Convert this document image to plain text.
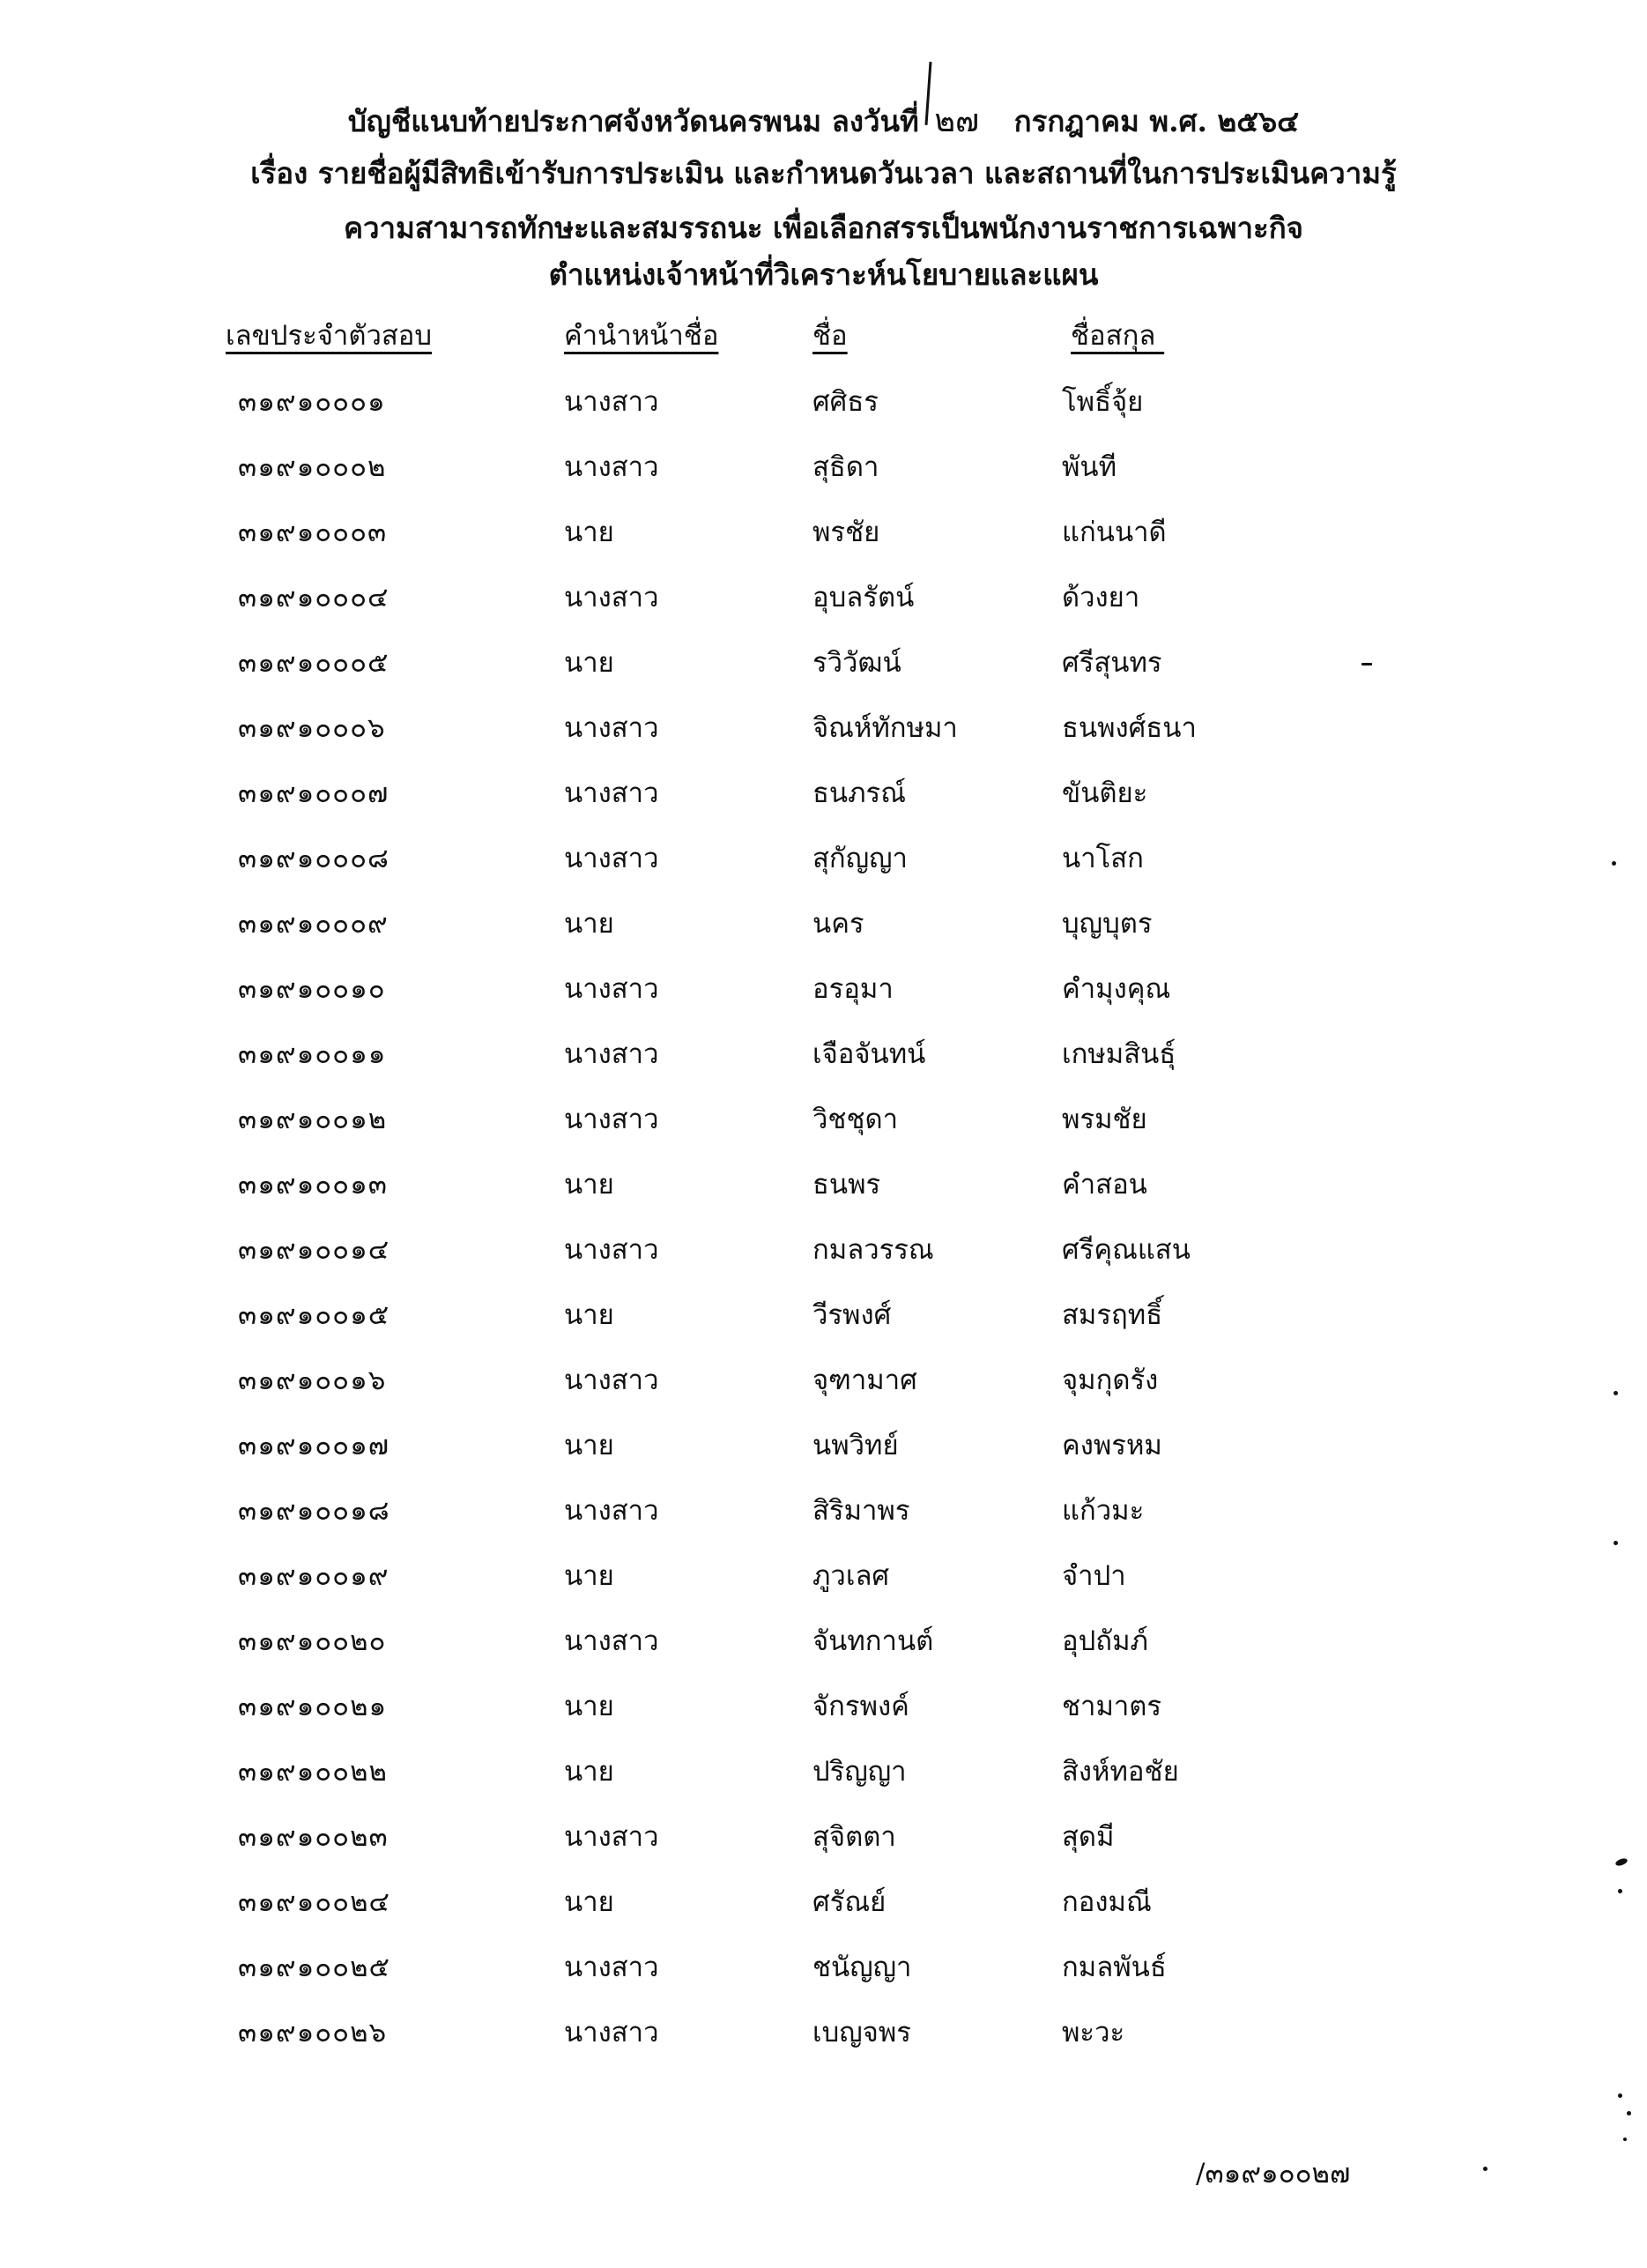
บัญชีแนบท้ายประกาศจังหวัดนครพนม ลงวันที่ ๒๗ กรกฎาคม พ.ศ. ๒๕๖๔
เรื่อง รายชื่อผู้มีสิทธิเข้ารับการประเมิน และกำหนดวันเวลา และสถานที่ในการประเมินความรู้
ความสามารถทักษะและสมรรถนะ เพื่อเลือกสรรเป็นพนักงานราชการเฉพาะกิจ
ตำแหน่งเจ้าหน้าที่วิเคราะห์นโยบายและแผน
เลขประจำตัวสอบ	คำนำหน้าชื่อ	ชื่อ	ชื่อสกุล
๓๑๙๑๐๐๐๑	นางสาว	ศศิธร	โพธิ์จุ้ย
๓๑๙๑๐๐๐๒	นางสาว	สุธิดา	พันที
๓๑๙๑๐๐๐๓	นาย	พรชัย	แก่นนาดี
๓๑๙๑๐๐๐๔	นางสาว	อุบลรัตน์	ด้วงยา
๓๑๙๑๐๐๐๕	นาย	รวิวัฒน์	ศรีสุนทร
๓๑๙๑๐๐๐๖	นางสาว	จิณห์ทักษมา	ธนพงศ์ธนา
๓๑๙๑๐๐๐๗	นางสาว	ธนภรณ์	ขันติยะ
๓๑๙๑๐๐๐๘	นางสาว	สุกัญญา	นาโสก
๓๑๙๑๐๐๐๙	นาย	นคร	บุญบุตร
๓๑๙๑๐๐๑๐	นางสาว	อรอุมา	คำมุงคุณ
๓๑๙๑๐๐๑๑	นางสาว	เจือจันทน์	เกษมสินธุ์
๓๑๙๑๐๐๑๒	นางสาว	วิชชุดา	พรมชัย
๓๑๙๑๐๐๑๓	นาย	ธนพร	คำสอน
๓๑๙๑๐๐๑๔	นางสาว	กมลวรรณ	ศรีคุณแสน
๓๑๙๑๐๐๑๕	นาย	วีรพงศ์	สมรฤทธิ์
๓๑๙๑๐๐๑๖	นางสาว	จุฑามาศ	จุมกุดรัง
๓๑๙๑๐๐๑๗	นาย	นพวิทย์	คงพรหม
๓๑๙๑๐๐๑๘	นางสาว	สิริมาพร	แก้วมะ
๓๑๙๑๐๐๑๙	นาย	ภูวเลศ	จำปา
๓๑๙๑๐๐๒๐	นางสาว	จันทกานต์	อุปถัมภ์
๓๑๙๑๐๐๒๑	นาย	จักรพงค์	ชามาตร
๓๑๙๑๐๐๒๒	นาย	ปริญญา	สิงห์ทอชัย
๓๑๙๑๐๐๒๓	นางสาว	สุจิตตา	สุดมี
๓๑๙๑๐๐๒๔	นาย	ศรัณย์	กองมณี
๓๑๙๑๐๐๒๕	นางสาว	ชนัญญา	กมลพันธ์
๓๑๙๑๐๐๒๖	นางสาว	เบญจพร	พะวะ
/๓๑๙๑๐๐๒๗
